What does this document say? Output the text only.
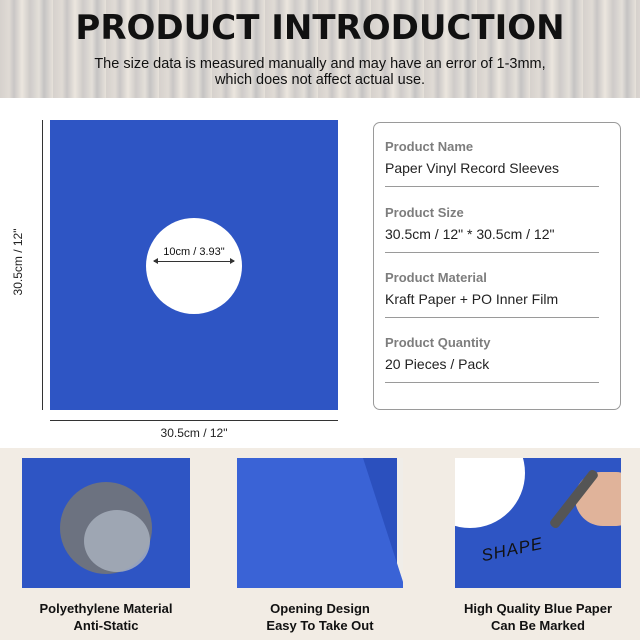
PRODUCT INTRODUCTION
The size data is measured manually and may have an error of 1-3mm,
which does not affect actual use.
30.5cm / 12"	10cm / 3.93"
30.5cm / 12"
Product Name
Paper Vinyl Record Sleeves
Product Size
30.5cm / 12" * 30.5cm / 12"
Product Material
Kraft Paper + PO Inner Film
Product Quantity
20 Pieces / Pack
SHAPE
Polyethylene Material
Anti-Static
Opening Design
Easy To Take Out
High Quality Blue Paper
Can Be Marked
